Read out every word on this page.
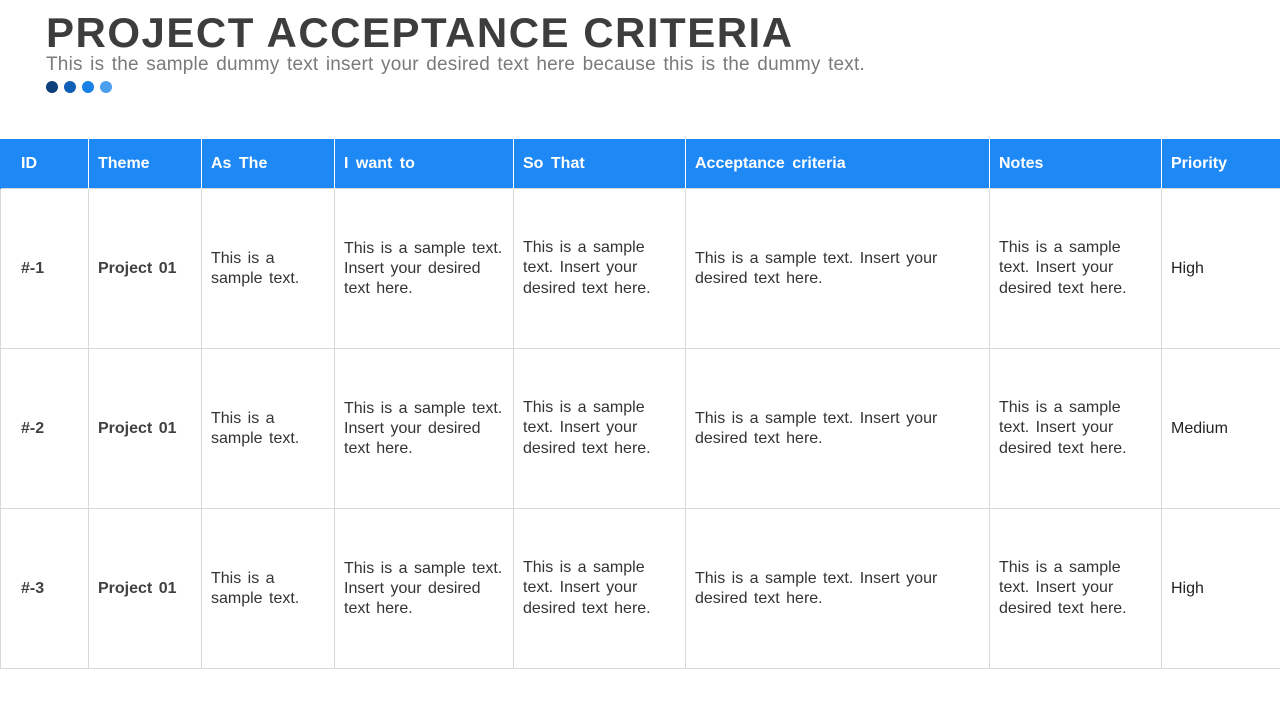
PROJECT ACCEPTANCE CRITERIA
This is the sample dummy text insert your desired text here because this is the dummy text.
ID	Theme	As The	I want to	So That	Acceptance criteria	Notes	Priority
#-1	Project 01	This is a sample text.	This is a sample text. Insert your desired text here.	This is a sample text. Insert your desired text here.	This is a sample text. Insert your desired text here.	This is a sample text. Insert your desired text here.	High
#-2	Project 01	This is a sample text.	This is a sample text. Insert your desired text here.	This is a sample text. Insert your desired text here.	This is a sample text. Insert your desired text here.	This is a sample text. Insert your desired text here.	Medium
#-3	Project 01	This is a sample text.	This is a sample text. Insert your desired text here.	This is a sample text. Insert your desired text here.	This is a sample text. Insert your desired text here.	This is a sample text. Insert your desired text here.	High
